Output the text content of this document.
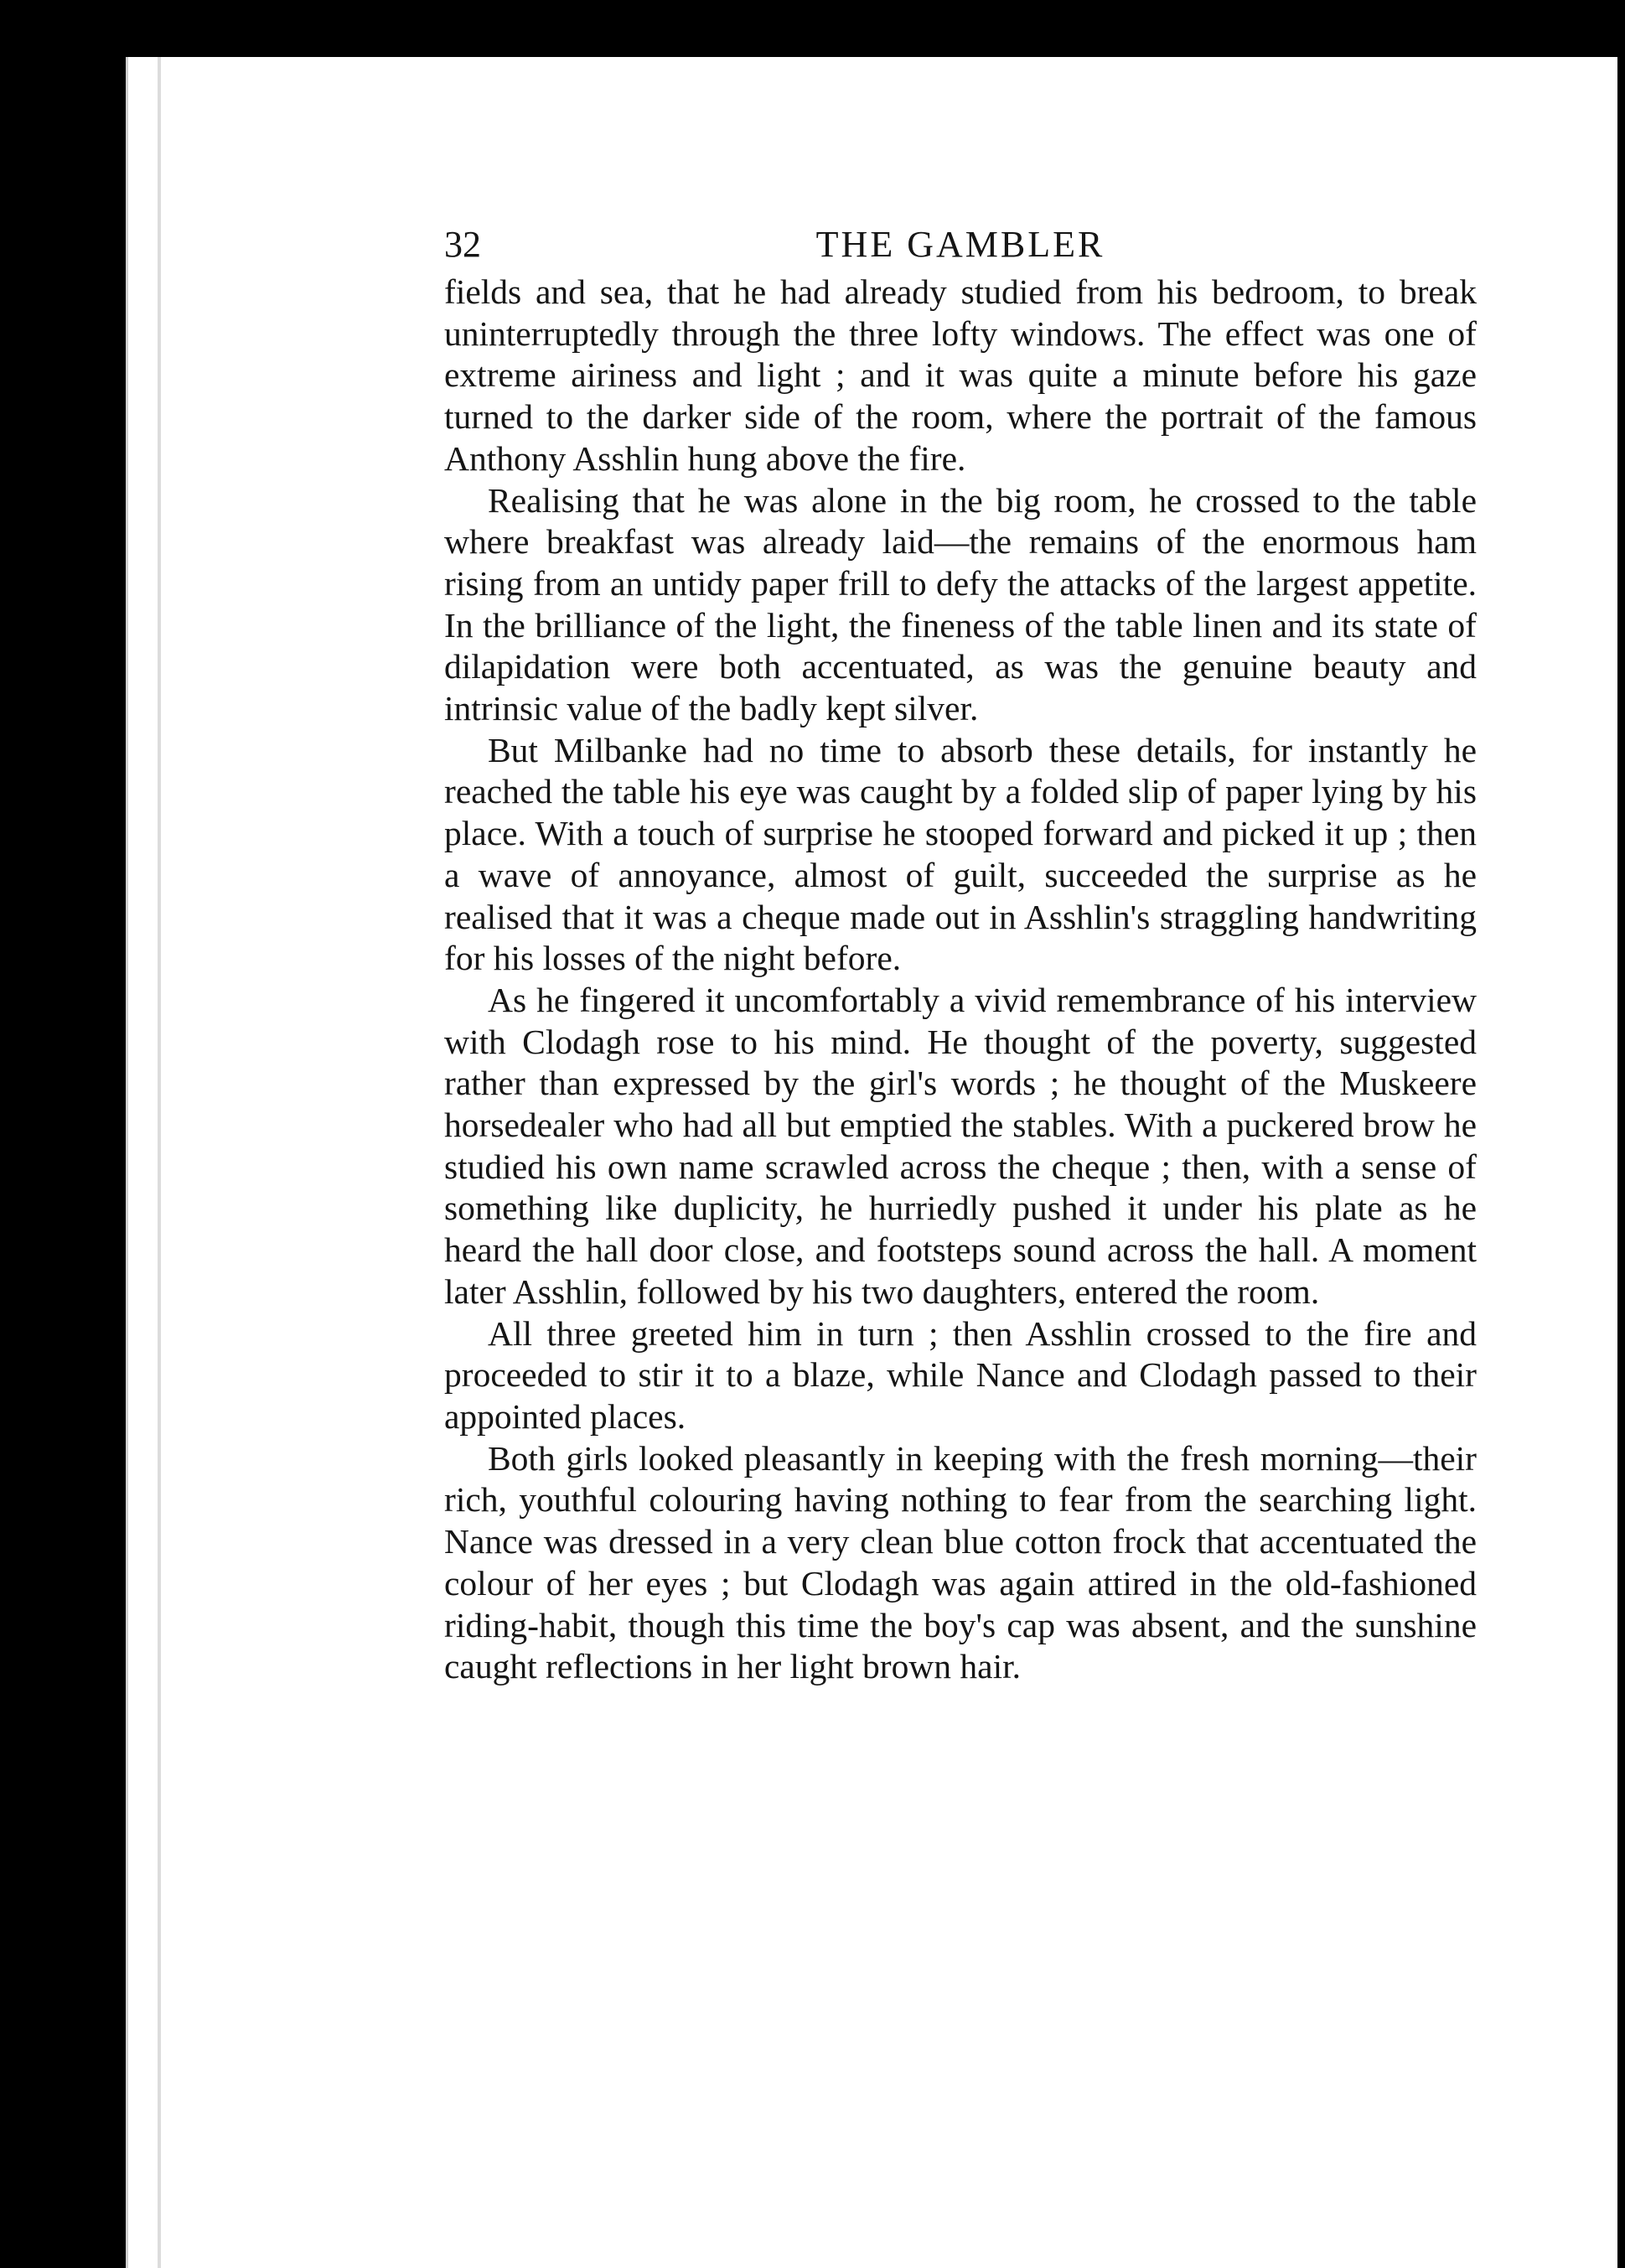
32	THE GAMBLER

fields and sea, that he had already studied from his bedroom, to break uninterruptedly through the three lofty windows. The effect was one of extreme airiness and light ; and it was quite a minute before his gaze turned to the darker side of the room, where the portrait of the famous Anthony Asshlin hung above the fire.

Realising that he was alone in the big room, he crossed to the table where breakfast was already laid—the remains of the enormous ham rising from an untidy paper frill to defy the attacks of the largest appetite. In the brilliance of the light, the fineness of the table linen and its state of dilapidation were both accentuated, as was the genuine beauty and intrinsic value of the badly kept silver.

But Milbanke had no time to absorb these details, for instantly he reached the table his eye was caught by a folded slip of paper lying by his place. With a touch of surprise he stooped forward and picked it up ; then a wave of annoyance, almost of guilt, succeeded the surprise as he realised that it was a cheque made out in Asshlin's straggling handwriting for his losses of the night before.

As he fingered it uncomfortably a vivid remembrance of his interview with Clodagh rose to his mind. He thought of the poverty, suggested rather than expressed by the girl's words ; he thought of the Muskeere horsedealer who had all but emptied the stables. With a puckered brow he studied his own name scrawled across the cheque ; then, with a sense of something like duplicity, he hurriedly pushed it under his plate as he heard the hall door close, and footsteps sound across the hall. A moment later Asshlin, followed by his two daughters, entered the room.

All three greeted him in turn ; then Asshlin crossed to the fire and proceeded to stir it to a blaze, while Nance and Clodagh passed to their appointed places.

Both girls looked pleasantly in keeping with the fresh morning—their rich, youthful colouring having nothing to fear from the searching light. Nance was dressed in a very clean blue cotton frock that accentuated the colour of her eyes ; but Clodagh was again attired in the old-fashioned riding-habit, though this time the boy's cap was absent, and the sunshine caught reflections in her light brown hair.
